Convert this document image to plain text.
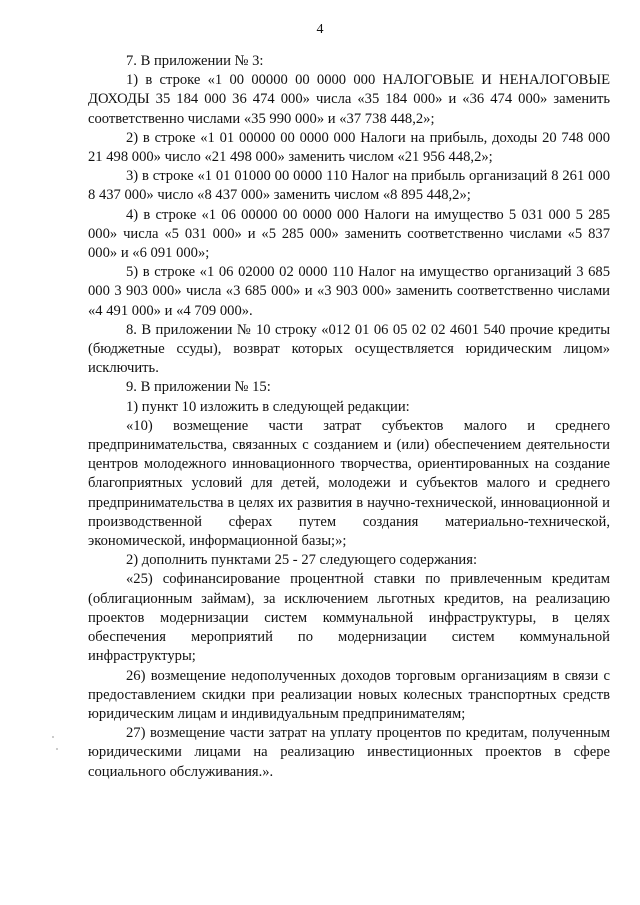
4

7. В приложении № 3:

1) в строке «1 00 00000 00 0000 000 НАЛОГОВЫЕ И НЕНАЛОГОВЫЕ ДОХОДЫ 35 184 000 36 474 000» числа «35 184 000» и «36 474 000» заменить соответственно числами «35 990 000» и «37 738 448,2»;

2) в строке «1 01 00000 00 0000 000 Налоги на прибыль, доходы 20 748 000 21 498 000» число «21 498 000» заменить числом «21 956 448,2»;

3) в строке «1 01 01000 00 0000 110 Налог на прибыль организаций 8 261 000 8 437 000» число «8 437 000» заменить числом «8 895 448,2»;

4) в строке «1 06 00000 00 0000 000 Налоги на имущество 5 031 000 5 285 000» числа «5 031 000» и «5 285 000» заменить соответственно числами «5 837 000» и «6 091 000»;

5) в строке «1 06 02000 02 0000 110 Налог на имущество организаций 3 685 000 3 903 000» числа «3 685 000» и «3 903 000» заменить соответственно числами «4 491 000» и «4 709 000».

8. В приложении № 10 строку «012 01 06 05 02 02 4601 540 прочие кредиты (бюджетные ссуды), возврат которых осуществляется юридическим лицом» исключить.

9. В приложении № 15:

1) пункт 10 изложить в следующей редакции:

«10) возмещение части затрат субъектов малого и среднего предпринимательства, связанных с созданием и (или) обеспечением деятельности центров молодежного инновационного творчества, ориентированных на создание благоприятных условий для детей, молодежи и субъектов малого и среднего предпринимательства в целях их развития в научно-технической, инновационной и производственной сферах путем создания материально-технической, экономической, информационной базы;»;

2) дополнить пунктами 25 - 27 следующего содержания:

«25) софинансирование процентной ставки по привлеченным кредитам (облигационным займам), за исключением льготных кредитов, на реализацию проектов модернизации систем коммунальной инфраструктуры, в целях обеспечения мероприятий по модернизации систем коммунальной инфраструктуры;

26) возмещение недополученных доходов торговым организациям в связи с предоставлением скидки при реализации новых колесных транспортных средств юридическим лицам и индивидуальным предпринимателям;

27) возмещение части затрат на уплату процентов по кредитам, полученным юридическими лицами на реализацию инвестиционных проектов в сфере социального обслуживания.».
